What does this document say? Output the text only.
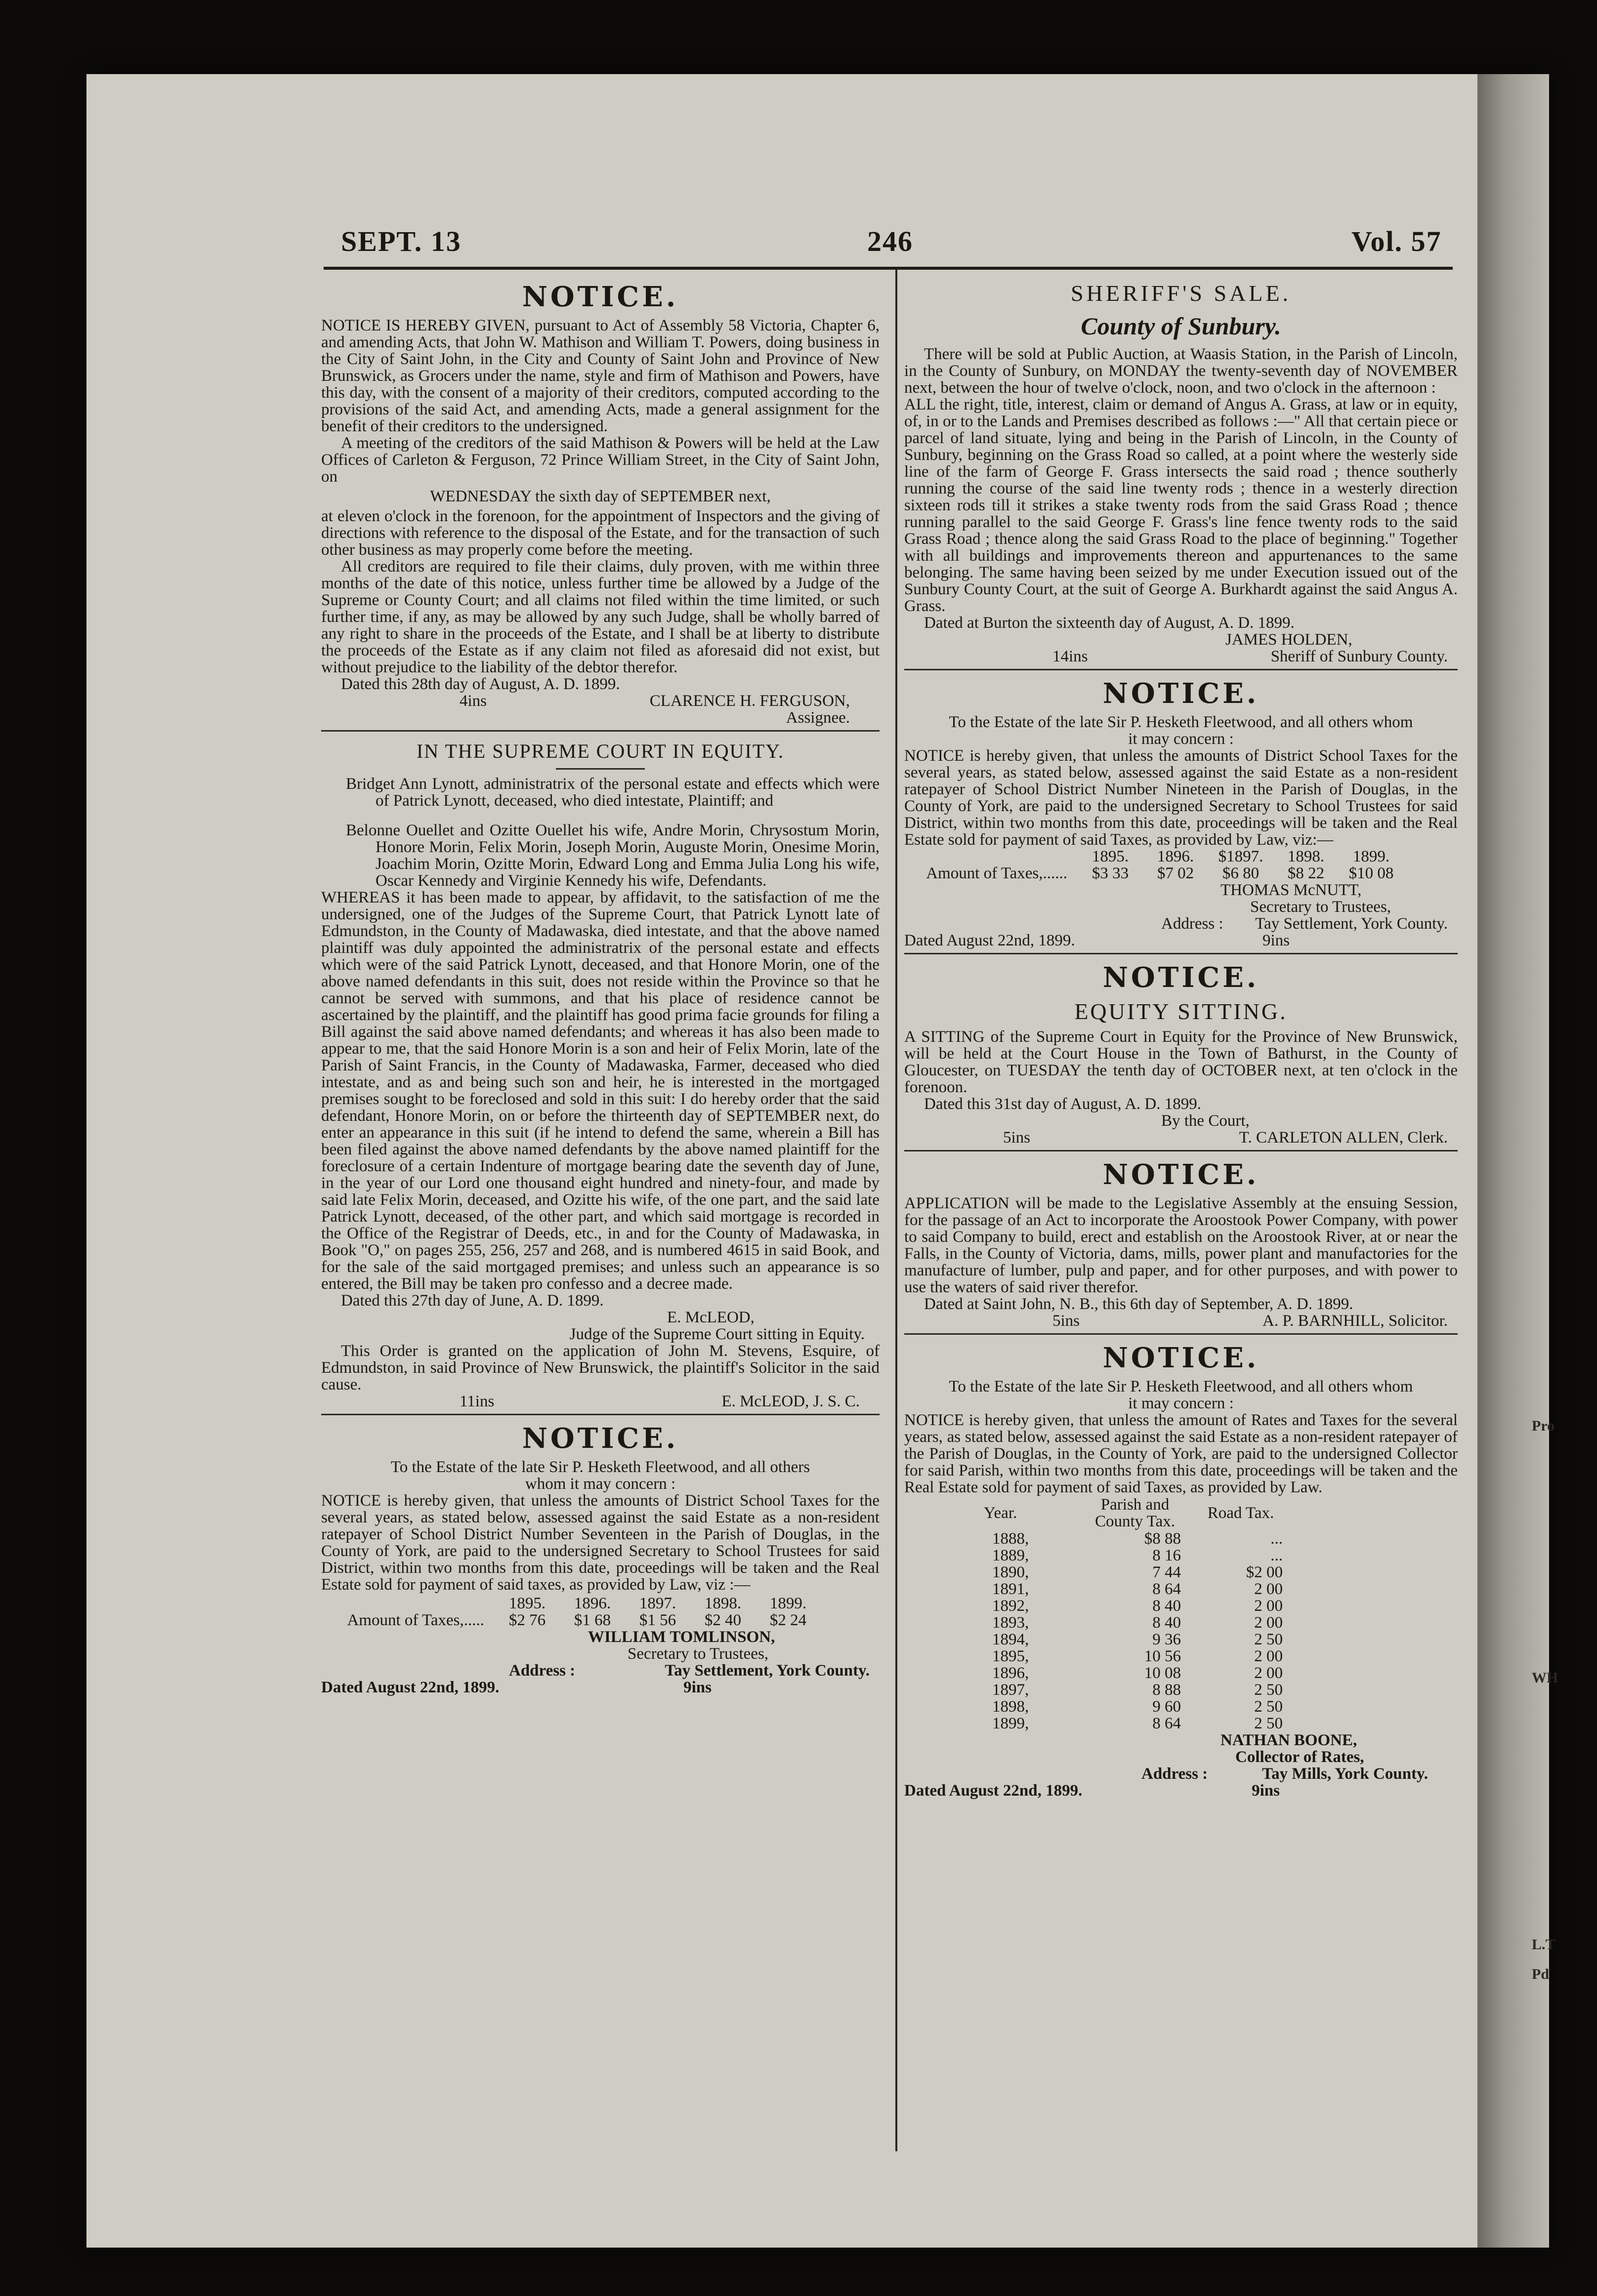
Pro
WH
L.T
Pd
SEPT. 13	246	Vol. 57
NOTICE.

NOTICE IS HEREBY GIVEN, pursuant to Act of Assembly 58 Victoria, Chapter 6, and amending Acts, that John W. Mathison and William T. Powers, doing business in the City of Saint John, in the City and County of Saint John and Province of New Brunswick, as Grocers under the name, style and firm of Mathison and Powers, have this day, with the consent of a majority of their creditors, computed according to the provisions of the said Act, and amending Acts, made a general assignment for the benefit of their creditors to the undersigned.

A meeting of the creditors of the said Mathison & Powers will be held at the Law Offices of Carleton & Ferguson, 72 Prince William Street, in the City of Saint John, on

WEDNESDAY the sixth day of SEPTEMBER next,

at eleven o'clock in the forenoon, for the appointment of Inspectors and the giving of directions with reference to the disposal of the Estate, and for the transaction of such other business as may properly come before the meeting.

All creditors are required to file their claims, duly proven, with me within three months of the date of this notice, unless further time be allowed by a Judge of the Supreme or County Court; and all claims not filed within the time limited, or such further time, if any, as may be allowed by any such Judge, shall be wholly barred of any right to share in the proceeds of the Estate, and I shall be at liberty to distribute the proceeds of the Estate as if any claim not filed as aforesaid did not exist, but without prejudice to the liability of the debtor therefor.

Dated this 28th day of August, A. D. 1899.

4ins	CLARENCE H. FERGUSON,

Assignee.

IN THE SUPREME COURT IN EQUITY.

Bridget Ann Lynott, administratrix of the personal estate and effects which were of Patrick Lynott, deceased, who died intestate, Plaintiff; and

Belonne Ouellet and Ozitte Ouellet his wife, Andre Morin, Chrysostum Morin, Honore Morin, Felix Morin, Joseph Morin, Auguste Morin, Onesime Morin, Joachim Morin, Ozitte Morin, Edward Long and Emma Julia Long his wife, Oscar Kennedy and Virginie Kennedy his wife, Defendants.

WHEREAS it has been made to appear, by affidavit, to the satisfaction of me the undersigned, one of the Judges of the Supreme Court, that Patrick Lynott late of Edmundston, in the County of Madawaska, died intestate, and that the above named plaintiff was duly appointed the administratrix of the personal estate and effects which were of the said Patrick Lynott, deceased, and that Honore Morin, one of the above named defendants in this suit, does not reside within the Province so that he cannot be served with summons, and that his place of residence cannot be ascertained by the plaintiff, and the plaintiff has good prima facie grounds for filing a Bill against the said above named defendants; and whereas it has also been made to appear to me, that the said Honore Morin is a son and heir of Felix Morin, late of the Parish of Saint Francis, in the County of Madawaska, Farmer, deceased who died intestate, and as and being such son and heir, he is interested in the mortgaged premises sought to be foreclosed and sold in this suit: I do hereby order that the said defendant, Honore Morin, on or before the thirteenth day of SEPTEMBER next, do enter an appearance in this suit (if he intend to defend the same, wherein a Bill has been filed against the above named defendants by the above named plaintiff for the foreclosure of a certain Indenture of mortgage bearing date the seventh day of June, in the year of our Lord one thousand eight hundred and ninety-four, and made by said late Felix Morin, deceased, and Ozitte his wife, of the one part, and the said late Patrick Lynott, deceased, of the other part, and which said mortgage is recorded in the Office of the Registrar of Deeds, etc., in and for the County of Madawaska, in Book "O," on pages 255, 256, 257 and 268, and is numbered 4615 in said Book, and for the sale of the said mortgaged premises; and unless such an appearance is so entered, the Bill may be taken pro confesso and a decree made.

Dated this 27th day of June, A. D. 1899.

E. McLEOD,

Judge of the Supreme Court sitting in Equity.

This Order is granted on the application of John M. Stevens, Esquire, of Edmundston, in said Province of New Brunswick, the plaintiff's Solicitor in the said cause.

11ins	E. McLEOD, J. S. C.
NOTICE.

To the Estate of the late Sir P. Hesketh Fleetwood, and all others whom it may concern :

NOTICE is hereby given, that unless the amounts of District School Taxes for the several years, as stated below, assessed against the said Estate as a non-resident ratepayer of School District Number Seventeen in the Parish of Douglas, in the County of York, are paid to the undersigned Secretary to School Trustees for said District, within two months from this date, proceedings will be taken and the Real Estate sold for payment of said taxes, as provided by Law, viz :—

1895.	1896.	1897.	1898.	1899.
Amount of Taxes,.....	$2 76	$1 68	$1 56	$2 40	$2 24

WILLIAM TOMLINSON,

Secretary to Trustees,

Address :	Tay Settlement, York County.
Dated August 22nd, 1899.	9ins
SHERIFF'S SALE.
County of Sunbury.

There will be sold at Public Auction, at Waasis Station, in the Parish of Lincoln, in the County of Sunbury, on MONDAY the twenty-seventh day of NOVEMBER next, between the hour of twelve o'clock, noon, and two o'clock in the afternoon :

ALL the right, title, interest, claim or demand of Angus A. Grass, at law or in equity, of, in or to the Lands and Premises described as follows :—" All that certain piece or parcel of land situate, lying and being in the Parish of Lincoln, in the County of Sunbury, beginning on the Grass Road so called, at a point where the westerly side line of the farm of George F. Grass intersects the said road ; thence southerly running the course of the said line twenty rods ; thence in a westerly direction sixteen rods till it strikes a stake twenty rods from the said Grass Road ; thence running parallel to the said George F. Grass's line fence twenty rods to the said Grass Road ; thence along the said Grass Road to the place of beginning." Together with all buildings and improvements thereon and appurtenances to the same belonging. The same having been seized by me under Execution issued out of the Sunbury County Court, at the suit of George A. Burkhardt against the said Angus A. Grass.

Dated at Burton the sixteenth day of August, A. D. 1899.

JAMES HOLDEN,

14ins	Sheriff of Sunbury County.
NOTICE.

To the Estate of the late Sir P. Hesketh Fleetwood, and all others whom it may concern :

NOTICE is hereby given, that unless the amounts of District School Taxes for the several years, as stated below, assessed against the said Estate as a non-resident ratepayer of School District Number Nineteen in the Parish of Douglas, in the County of York, are paid to the undersigned Secretary to School Trustees for said District, within two months from this date, proceedings will be taken and the Real Estate sold for payment of said Taxes, as provided by Law, viz:—

1895.	1896.	$1897.	1898.	1899.
Amount of Taxes,......	$3 33	$7 02	$6 80	$8 22	$10 08

THOMAS McNUTT,

Secretary to Trustees,

Address : Tay Settlement, York County.
Dated August 22nd, 1899.	9ins
NOTICE.
EQUITY SITTING.

A SITTING of the Supreme Court in Equity for the Province of New Brunswick, will be held at the Court House in the Town of Bathurst, in the County of Gloucester, on TUESDAY the tenth day of OCTOBER next, at ten o'clock in the forenoon.

Dated this 31st day of August, A. D. 1899.

By the Court,

5ins	T. CARLETON ALLEN, Clerk.
NOTICE.

APPLICATION will be made to the Legislative Assembly at the ensuing Session, for the passage of an Act to incorporate the Aroostook Power Company, with power to said Company to build, erect and establish on the Aroostook River, at or near the Falls, in the County of Victoria, dams, mills, power plant and manufactories for the manufacture of lumber, pulp and paper, and for other purposes, and with power to use the waters of said river therefor.

Dated at Saint John, N. B., this 6th day of September, A. D. 1899.

5ins	A. P. BARNHILL, Solicitor.
NOTICE.

To the Estate of the late Sir P. Hesketh Fleetwood, and all others whom it may concern :

NOTICE is hereby given, that unless the amount of Rates and Taxes for the several years, as stated below, assessed against the said Estate as a non-resident ratepayer of the Parish of Douglas, in the County of York, are paid to the undersigned Collector for said Parish, within two months from this date, proceedings will be taken and the Real Estate sold for payment of said Taxes, as provided by Law.

Year.	Parish and County Tax.	Road Tax.
1888,	$8 88	...
1889,	8 16	...
1890,	7 44	$2 00
1891,	8 64	2 00
1892,	8 40	2 00
1893,	8 40	2 00
1894,	9 36	2 50
1895,	10 56	2 00
1896,	10 08	2 00
1897,	8 88	2 50
1898,	9 60	2 50
1899,	8 64	2 50

NATHAN BOONE,

Collector of Rates,

Address :	Tay Mills, York County.
Dated August 22nd, 1899.	9ins
